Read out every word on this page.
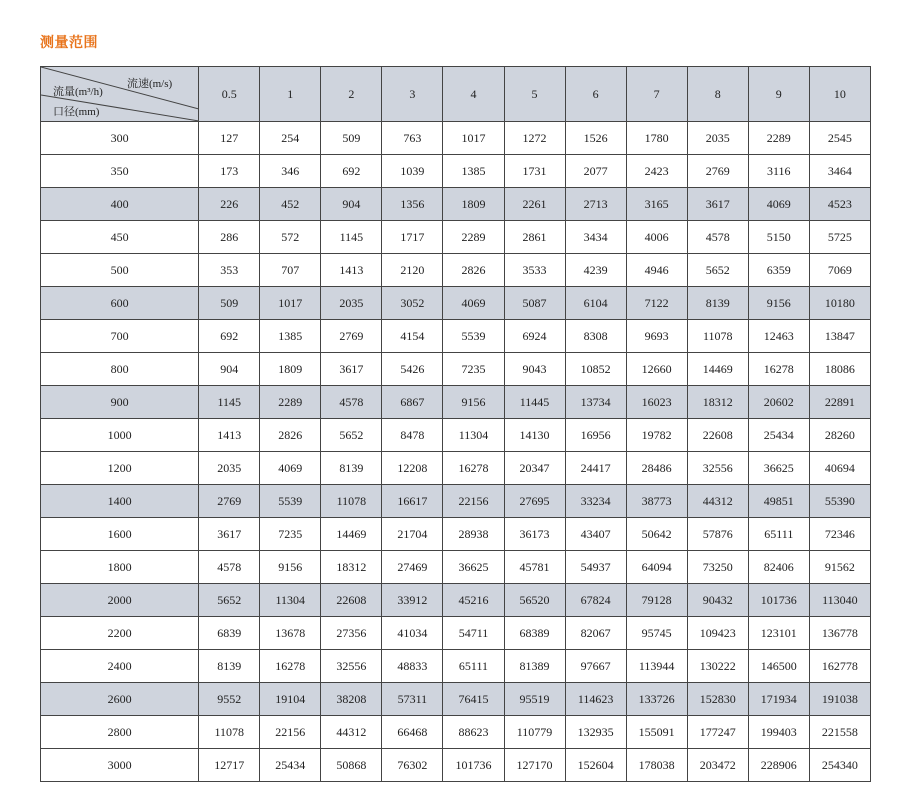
测量范围
流速(m/s)
流量(m³/h)
口径(mm)	0.5	1	2	3	4	5	6	7	8	9	10
300	127	254	509	763	1017	1272	1526	1780	2035	2289	2545
350	173	346	692	1039	1385	1731	2077	2423	2769	3116	3464
400	226	452	904	1356	1809	2261	2713	3165	3617	4069	4523
450	286	572	1145	1717	2289	2861	3434	4006	4578	5150	5725
500	353	707	1413	2120	2826	3533	4239	4946	5652	6359	7069
600	509	1017	2035	3052	4069	5087	6104	7122	8139	9156	10180
700	692	1385	2769	4154	5539	6924	8308	9693	11078	12463	13847
800	904	1809	3617	5426	7235	9043	10852	12660	14469	16278	18086
900	1145	2289	4578	6867	9156	11445	13734	16023	18312	20602	22891
1000	1413	2826	5652	8478	11304	14130	16956	19782	22608	25434	28260
1200	2035	4069	8139	12208	16278	20347	24417	28486	32556	36625	40694
1400	2769	5539	11078	16617	22156	27695	33234	38773	44312	49851	55390
1600	3617	7235	14469	21704	28938	36173	43407	50642	57876	65111	72346
1800	4578	9156	18312	27469	36625	45781	54937	64094	73250	82406	91562
2000	5652	11304	22608	33912	45216	56520	67824	79128	90432	101736	113040
2200	6839	13678	27356	41034	54711	68389	82067	95745	109423	123101	136778
2400	8139	16278	32556	48833	65111	81389	97667	113944	130222	146500	162778
2600	9552	19104	38208	57311	76415	95519	114623	133726	152830	171934	191038
2800	11078	22156	44312	66468	88623	110779	132935	155091	177247	199403	221558
3000	12717	25434	50868	76302	101736	127170	152604	178038	203472	228906	254340
